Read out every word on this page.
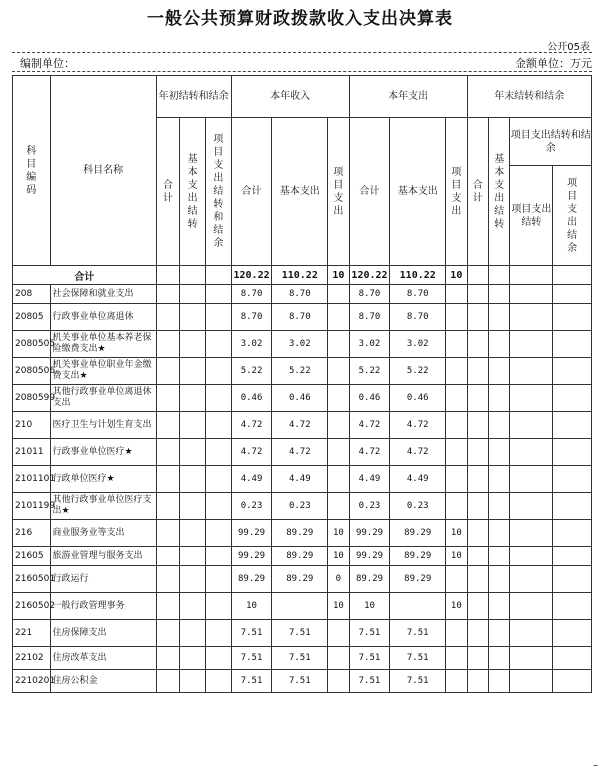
一般公共预算财政拨款收入支出决算表
公开05表
编制单位：	金额单位：万元
科目编码	科目名称	年初结转和结余			本年收入			本年支出			年末结转和结余			
		合计	基本支出结转	项目支出结转和结余	合计	基本支出	项目支出	合计	基本支出	项目支出	合计	基本支出结转	项目支出结转和结余	
													项目支出结转	项目支出结余
合计					120.22	110.22	10	120.22	110.22	10				
208	社会保障和就业支出				8.70	8.70		8.70	8.70					
20805	行政事业单位离退休				8.70	8.70		8.70	8.70					
2080505	机关事业单位基本养老保险缴费支出★				3.02	3.02		3.02	3.02					
2080506	机关事业单位职业年金缴费支出★				5.22	5.22		5.22	5.22					
2080599	其他行政事业单位离退休支出				0.46	0.46		0.46	0.46					
210	医疗卫生与计划生育支出				4.72	4.72		4.72	4.72					
21011	行政事业单位医疗★				4.72	4.72		4.72	4.72					
2101101	行政单位医疗★				4.49	4.49		4.49	4.49					
2101199	其他行政事业单位医疗支出★				0.23	0.23		0.23	0.23					
216	商业服务业等支出				99.29	89.29	10	99.29	89.29	10				
21605	旅游业管理与服务支出				99.29	89.29	10	99.29	89.29	10				
2160501	行政运行				89.29	89.29	0	89.29	89.29					
2160502	一般行政管理事务				10		10	10		10				
221	住房保障支出				7.51	7.51		7.51	7.51					
22102	住房改革支出				7.51	7.51		7.51	7.51					
2210201	住房公积金				7.51	7.51		7.51	7.51					
–
